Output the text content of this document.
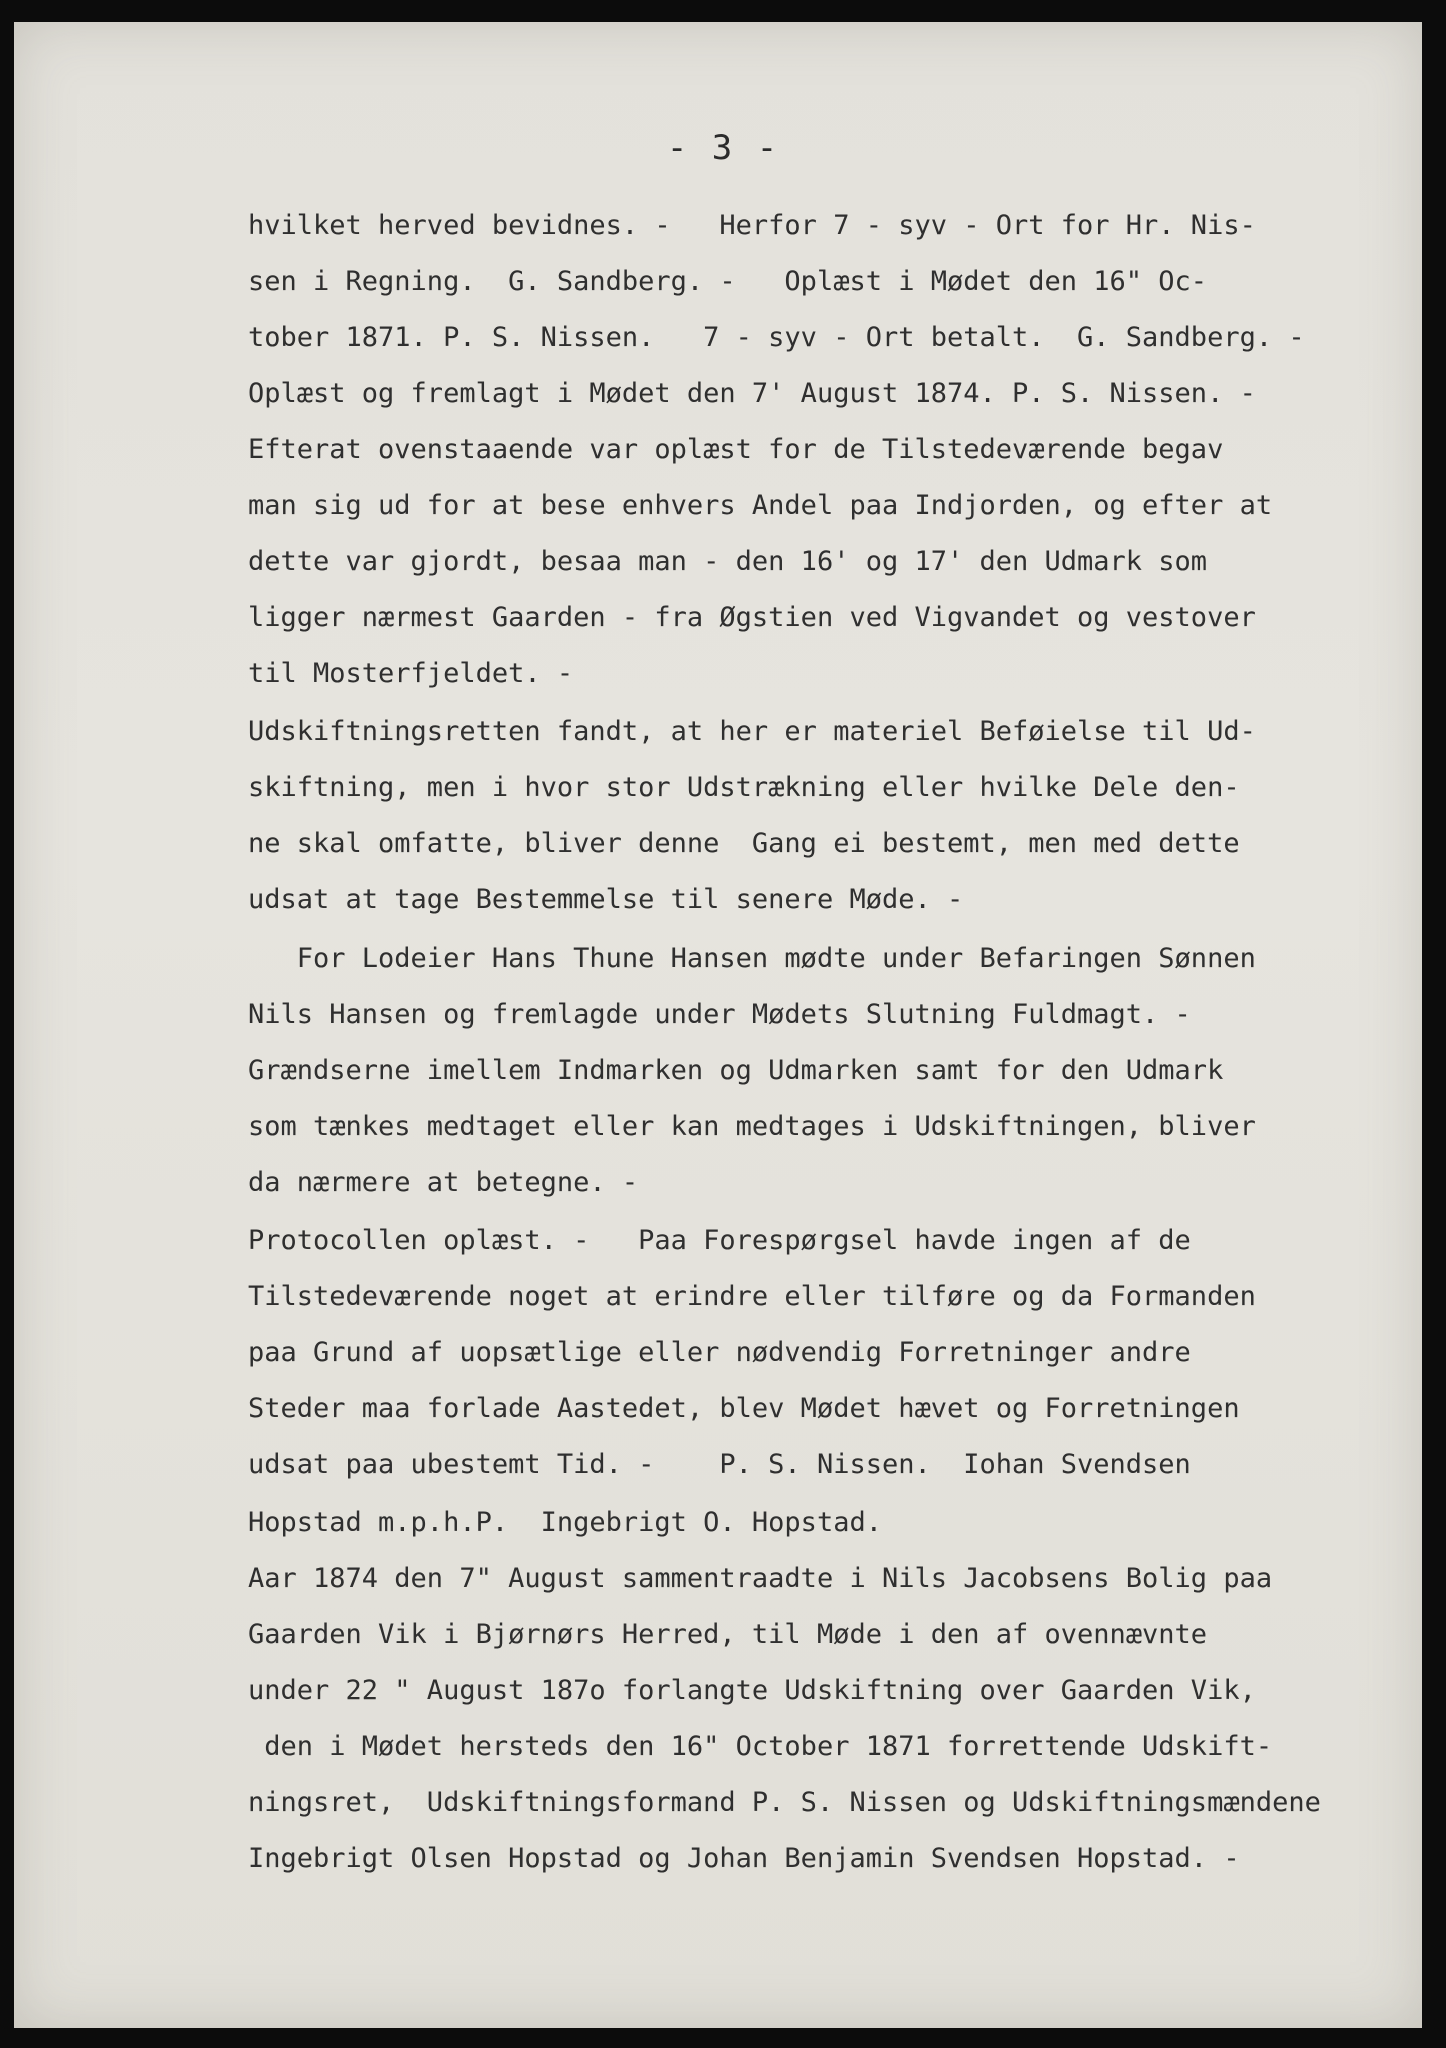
- 3 -
hvilket herved bevidnes. -   Herfor 7 - syv - Ort for Hr. Nis-
sen i Regning.  G. Sandberg. -   Oplæst i Mødet den 16" Oc-
tober 1871. P. S. Nissen.   7 - syv - Ort betalt.  G. Sandberg. -
Oplæst og fremlagt i Mødet den 7' August 1874. P. S. Nissen. -
Efterat ovenstaaende var oplæst for de Tilstedeværende begav
man sig ud for at bese enhvers Andel paa Indjorden, og efter at
dette var gjordt, besaa man - den 16' og 17' den Udmark som
ligger nærmest Gaarden - fra Øgstien ved Vigvandet og vestover
til Mosterfjeldet. -
Udskiftningsretten fandt, at her er materiel Beføielse til Ud-
skiftning, men i hvor stor Udstrækning eller hvilke Dele den-
ne skal omfatte, bliver denne  Gang ei bestemt, men med dette
udsat at tage Bestemmelse til senere Møde. -
For Lodeier Hans Thune Hansen mødte under Befaringen Sønnen
Nils Hansen og fremlagde under Mødets Slutning Fuldmagt. -
Grændserne imellem Indmarken og Udmarken samt for den Udmark
som tænkes medtaget eller kan medtages i Udskiftningen, bliver
da nærmere at betegne. -
Protocollen oplæst. -   Paa Forespørgsel havde ingen af de
Tilstedeværende noget at erindre eller tilføre og da Formanden
paa Grund af uopsætlige eller nødvendig Forretninger andre
Steder maa forlade Aastedet, blev Mødet hævet og Forretningen
udsat paa ubestemt Tid. -    P. S. Nissen.  Iohan Svendsen
Hopstad m.p.h.P.  Ingebrigt O. Hopstad.
Aar 1874 den 7" August sammentraadte i Nils Jacobsens Bolig paa
Gaarden Vik i Bjørnørs Herred, til Møde i den af ovennævnte
under 22 " August 187o forlangte Udskiftning over Gaarden Vik,
den i Mødet hersteds den 16" October 1871 forrettende Udskift-
ningsret,  Udskiftningsformand P. S. Nissen og Udskiftningsmændene
Ingebrigt Olsen Hopstad og Johan Benjamin Svendsen Hopstad. -
